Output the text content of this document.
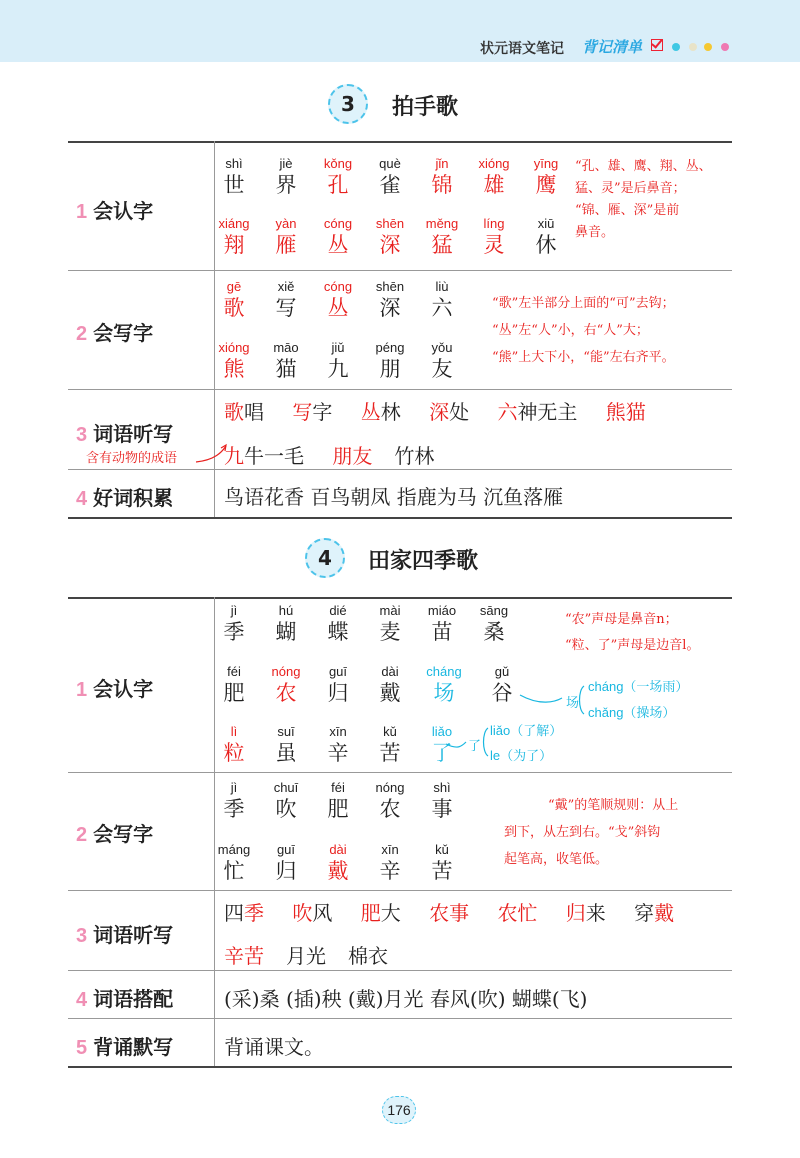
状元语文笔记 背记清单
3	拍手歌
1 会认字
2 会写字
3 词语听写
4 好词积累
shì
世
jiè
界
kǒng
孔
què
雀
jǐn
锦
xióng
雄
yīng
鹰
xiáng
翔
yàn
雁
cóng
丛
shēn
深
měng
猛
líng
灵
xiū
休
gē
歌
xiě
写
cóng
丛
shēn
深
liù
六
xióng
熊
māo
猫
jiǔ
九
péng
朋
yǒu
友
“孔、雄、鹰、翔、丛、
猛、灵”是后鼻音；
“锦、雁、深”是前
鼻音。
“歌”左半部分上面的“可”去钩；
“丛”左“人”小，右“人”大；
“熊”上大下小，“能”左右齐平。
歌唱 写字 丛林 深处 六神无主 熊猫
九牛一毛 朋友 竹林
含有动物的成语
鸟语花香 百鸟朝凤 指鹿为马 沉鱼落雁
4	田家四季歌
1 会认字
2 会写字
3 词语听写
4 词语搭配
5 背诵默写
jì
季
hú
蝴
dié
蝶
mài
麦
miáo
苗
sāng
桑
féi
肥
nóng
农
guī
归
dài
戴
cháng
场
gǔ
谷
lì
粒
suī
虽
xīn
辛
kǔ
苦
liǎo
了
jì
季
chuī
吹
féi
肥
nóng
农
shì
事
máng
忙
guī
归
dài
戴
xīn
辛
kǔ
苦
“农”声母是鼻音n；
“粒、了”声母是边音l。
场
cháng（一场雨）
chǎng（操场）
liǎo（了解）
le（为了）
了
“戴”的笔顺规则：从上
到下，从左到右。“戈”斜钩
起笔高，收笔低。
四季 吹风 肥大 农事 农忙 归来 穿戴
辛苦 月光 棉衣
(采)桑 (插)秧 (戴)月光 春风(吹) 蝴蝶(飞)
背诵课文。
176
